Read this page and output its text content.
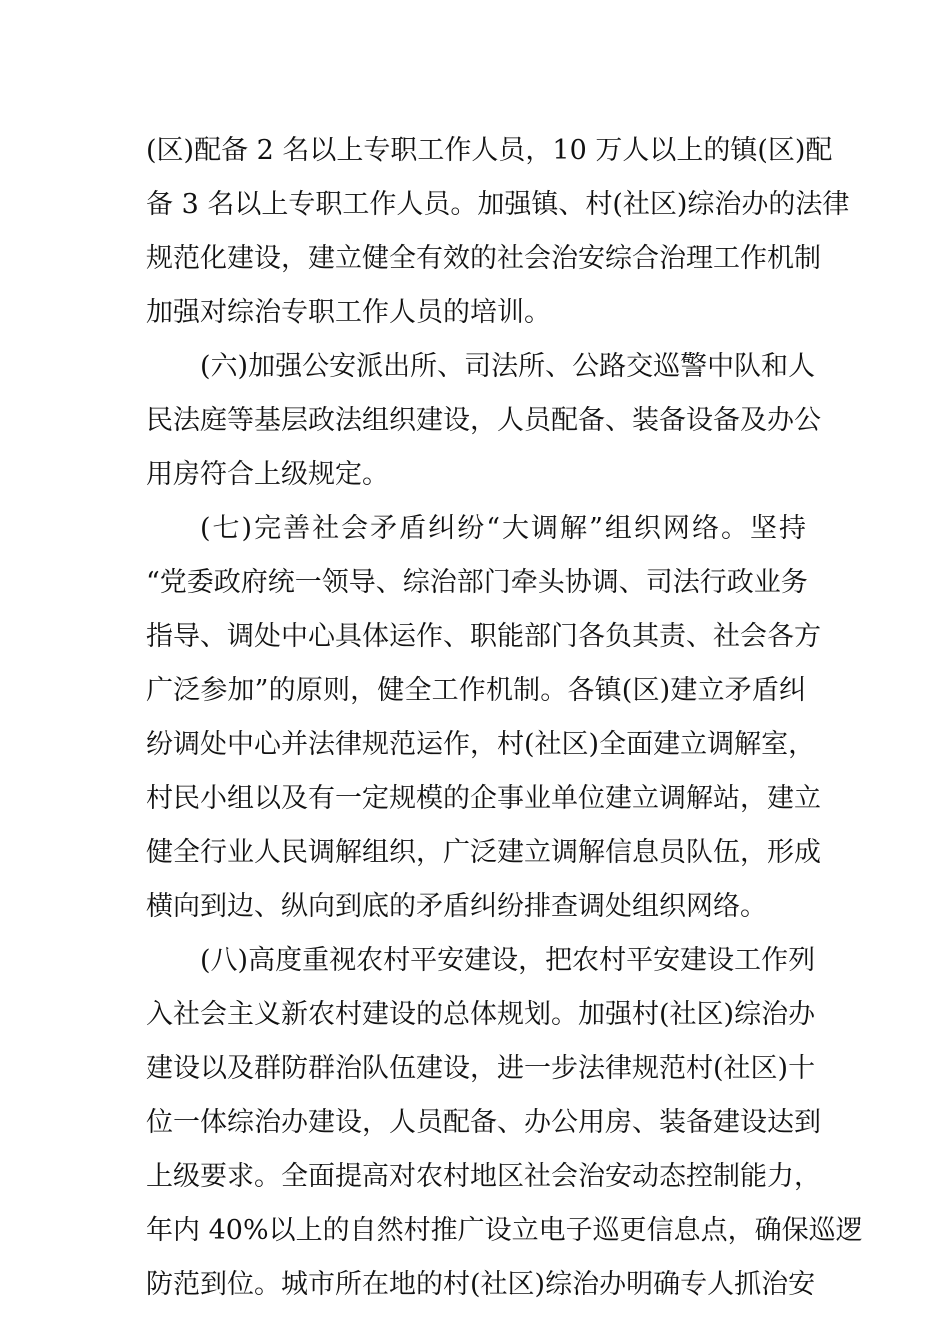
(区)配备 2 名以上专职工作人员，10 万人以上的镇(区)配
备 3 名以上专职工作人员。加强镇、村(社区)综治办的法律
规范化建设，建立健全有效的社会治安综合治理工作机制
加强对综治专职工作人员的培训。
(六)加强公安派出所、司法所、公路交巡警中队和人
民法庭等基层政法组织建设，人员配备、装备设备及办公
用房符合上级规定。
(七)完善社会矛盾纠纷“大调解”组织网络。坚持
“党委政府统一领导、综治部门牵头协调、司法行政业务
指导、调处中心具体运作、职能部门各负其责、社会各方
广泛参加”的原则，健全工作机制。各镇(区)建立矛盾纠
纷调处中心并法律规范运作，村(社区)全面建立调解室，
村民小组以及有一定规模的企事业单位建立调解站，建立
健全行业人民调解组织，广泛建立调解信息员队伍，形成
横向到边、纵向到底的矛盾纠纷排查调处组织网络。
(八)高度重视农村平安建设，把农村平安建设工作列
入社会主义新农村建设的总体规划。加强村(社区)综治办
建设以及群防群治队伍建设，进一步法律规范村(社区)十
位一体综治办建设，人员配备、办公用房、装备建设达到
上级要求。全面提高对农村地区社会治安动态控制能力，
年内 40%以上的自然村推广设立电子巡更信息点，确保巡逻
防范到位。城市所在地的村(社区)综治办明确专人抓治安
